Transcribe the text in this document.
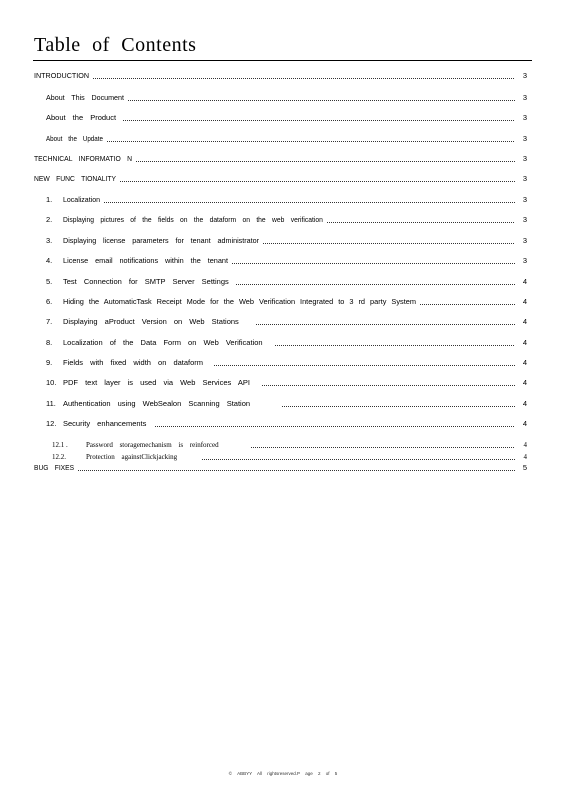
Table of Contents
INTRODUCTION	3
About This Document	3
About the Product	3
About the Update	3
TECHNICAL INFORMATIO N	3
NEW FUNC TIONALITY	3
1. Localization	3
2. Displaying pictures of the fields on the dataform on the web verification	3
3. Displaying license parameters for tenant administrator	3
4. License email notifications within the tenant	3
5. Test Connection for SMTP Server Settings	4
6. Hiding the AutomaticTask Receipt Mode for the Web Verification Integrated to 3 rd party System	4
7. Displaying aProduct Version on Web Stations	4
8. Localization of the Data Form on Web Verification	4
9. Fields with fixed width on dataform	4
10. PDF text layer is used via Web Services API	4
11. Authentication using WebSealon Scanning Station	4
12. Security enhancements	4
12.1 .	Password storagemechanism is reinforced	4
12.2.	Protection againstClickjacking	4
BUG FIXES	5
© ABBYY All rightsreserved.P age 2 of 5
